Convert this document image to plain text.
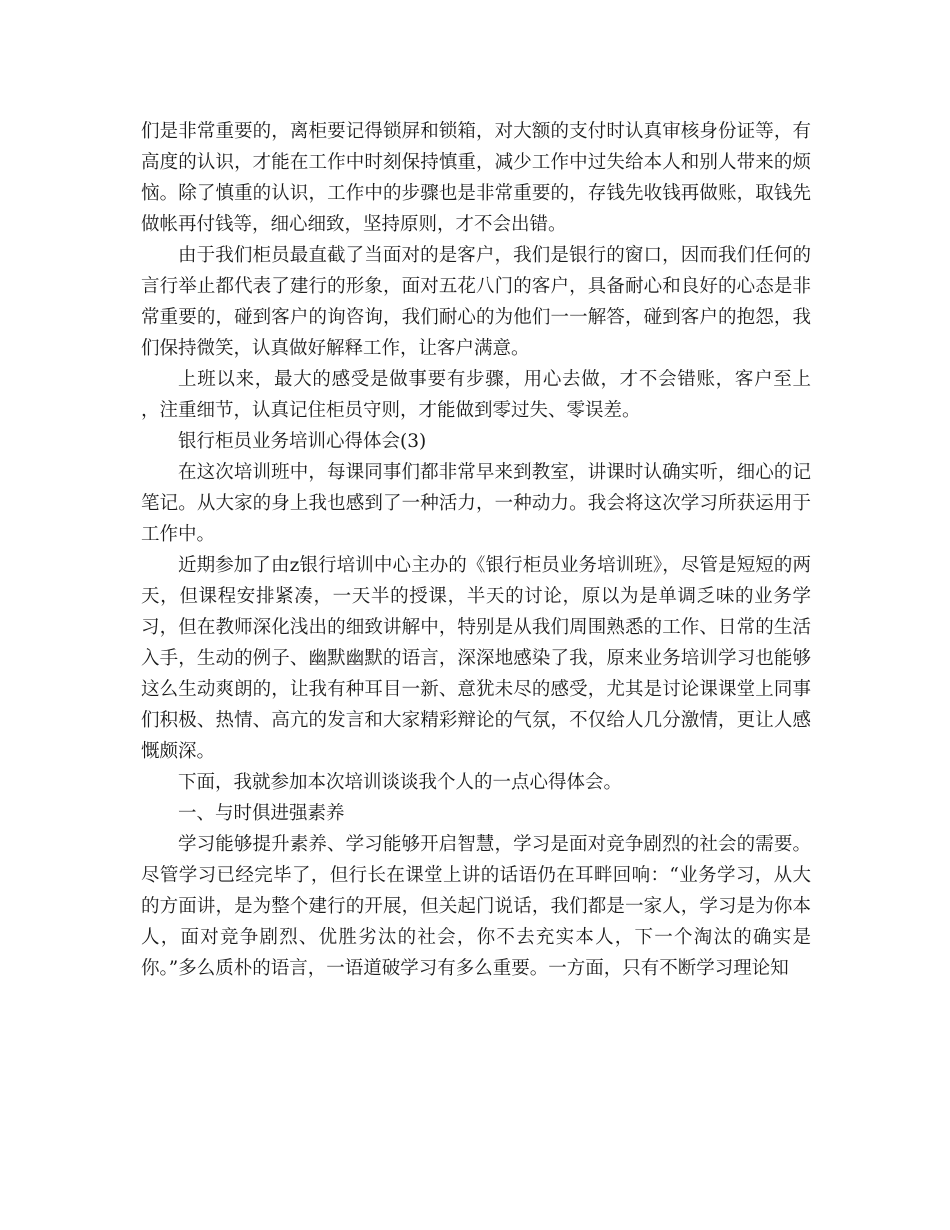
们是非常重要的，离柜要记得锁屏和锁箱，对大额的支付时认真审核身份证等，有高度的认识，才能在工作中时刻保持慎重，减少工作中过失给本人和别人带来的烦恼。除了慎重的认识，工作中的步骤也是非常重要的，存钱先收钱再做账，取钱先做帐再付钱等，细心细致，坚持原则，才不会出错。

由于我们柜员最直截了当面对的是客户，我们是银行的窗口，因而我们任何的言行举止都代表了建行的形象，面对五花八门的客户，具备耐心和良好的心态是非常重要的，碰到客户的询咨询，我们耐心的为他们一一解答，碰到客户的抱怨，我们保持微笑，认真做好解释工作，让客户满意。

上班以来，最大的感受是做事要有步骤，用心去做，才不会错账，客户至上 ，注重细节，认真记住柜员守则，才能做到零过失、零误差。

银行柜员业务培训心得体会(3)

在这次培训班中，每课同事们都非常早来到教室，讲课时认确实听，细心的记笔记。从大家的身上我也感到了一种活力，一种动力。我会将这次学习所获运用于工作中。

近期参加了由z银行培训中心主办的《银行柜员业务培训班》，尽管是短短的两天，但课程安排紧凑，一天半的授课，半天的讨论，原以为是单调乏味的业务学习，但在教师深化浅出的细致讲解中，特别是从我们周围熟悉的工作、日常的生活入手，生动的例子、幽默幽默的语言，深深地感染了我，原来业务培训学习也能够这么生动爽朗的，让我有种耳目一新、意犹未尽的感受，尤其是讨论课课堂上同事们积极、热情、高亢的发言和大家精彩辩论的气氛，不仅给人几分激情，更让人感慨颇深。

下面，我就参加本次培训谈谈我个人的一点心得体会。

一、与时俱进强素养

学习能够提升素养、学习能够开启智慧，学习是面对竞争剧烈的社会的需要。尽管学习已经完毕了，但行长在课堂上讲的话语仍在耳畔回响：“业务学习，从大的方面讲，是为整个建行的开展，但关起门说话，我们都是一家人，学习是为你本人，面对竞争剧烈、优胜劣汰的社会，你不去充实本人，下一个淘汰的确实是你。”多么质朴的语言，一语道破学习有多么重要。一方面，只有不断学习理论知
